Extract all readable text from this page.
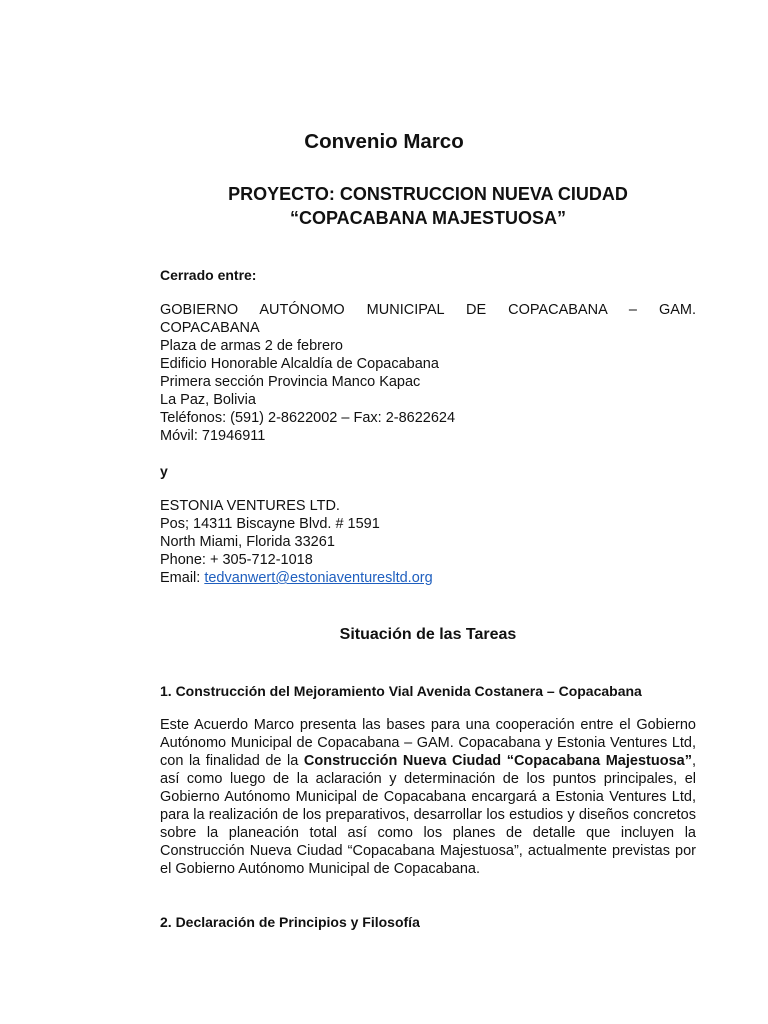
Convenio Marco
PROYECTO: CONSTRUCCION NUEVA CIUDAD
“COPACABANA MAJESTUOSA”

Cerrado entre:

GOBIERNO AUTÓNOMO MUNICIPAL DE COPACABANA – GAM.
COPACABANA
Plaza de armas 2 de febrero
Edificio Honorable Alcaldía de Copacabana
Primera sección Provincia Manco Kapac
La Paz, Bolivia
Teléfonos: (591) 2-8622002 – Fax: 2-8622624
Móvil: 71946911

y

ESTONIA VENTURES LTD.
Pos; 14311 Biscayne Blvd. # 1591
North Miami, Florida 33261
Phone: + 305-712-1018
Email: tedvanwert@estoniaventuresltd.org
Situación de las Tareas
1. Construcción del Mejoramiento Vial Avenida Costanera – Copacabana

Este Acuerdo Marco presenta las bases para una cooperación entre el Gobierno Autónomo Municipal de Copacabana – GAM. Copacabana y Estonia Ventures Ltd, con la finalidad de la Construcción Nueva Ciudad “Copacabana Majestuosa”, así como luego de la aclaración y determinación de los puntos principales, el Gobierno Autónomo Municipal de Copacabana encargará a Estonia Ventures Ltd, para la realización de los preparativos, desarrollar los estudios y diseños concretos sobre la planeación total así como los planes de detalle que incluyen la Construcción Nueva Ciudad “Copacabana Majestuosa”, actualmente previstas por el Gobierno Autónomo Municipal de Copacabana.

2. Declaración de Principios y Filosofía
